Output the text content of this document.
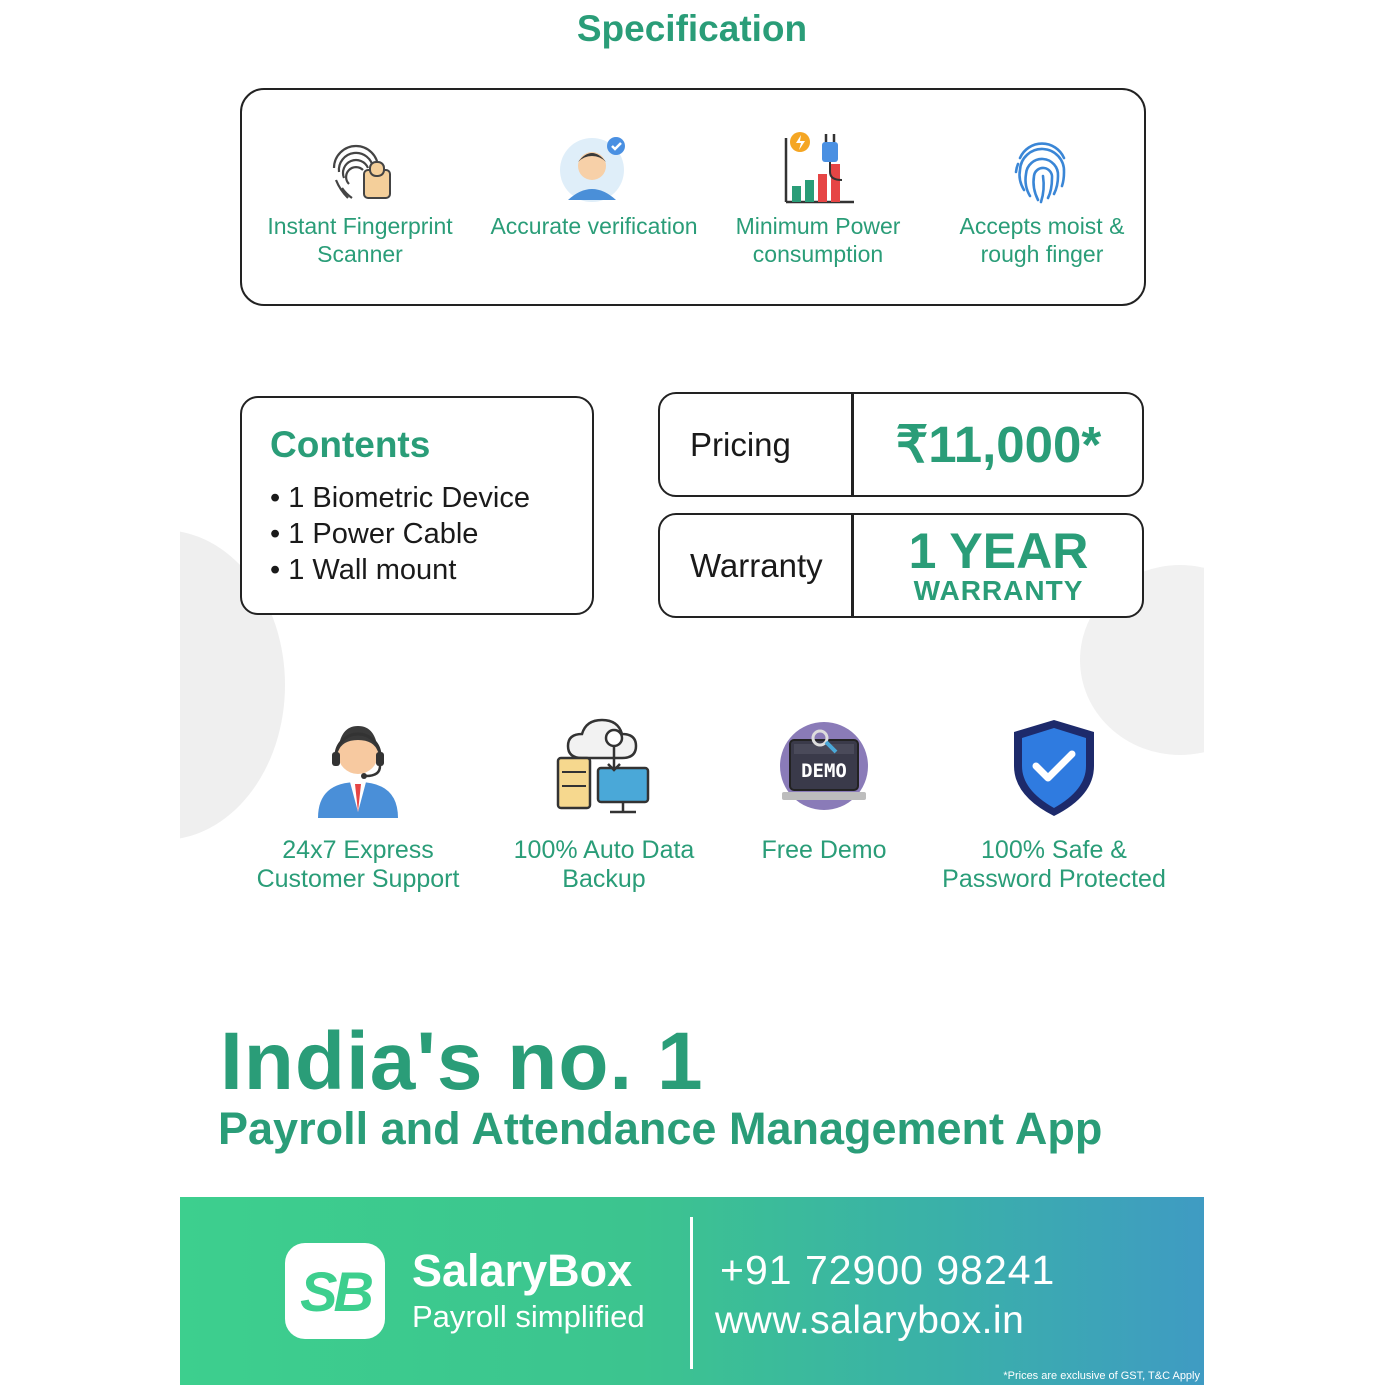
Specification
Instant Fingerprint Scanner
Accurate verification	Minimum Power consumption
Accepts moist & rough finger
Contents
• 1 Biometric Device
• 1 Power Cable
• 1 Wall mount
Pricing	₹11,000*
Warranty	1 YEAR
WARRANTY
24x7 Express Customer Support
100% Auto Data Backup
DEMO
Free Demo	100% Safe & Password Protected
India's no. 1
Payroll and Attendance Management App
SB SalaryBox
Payroll simplified
+91 72900 98241
www.salarybox.in
*Prices are exclusive of GST, T&C Apply
